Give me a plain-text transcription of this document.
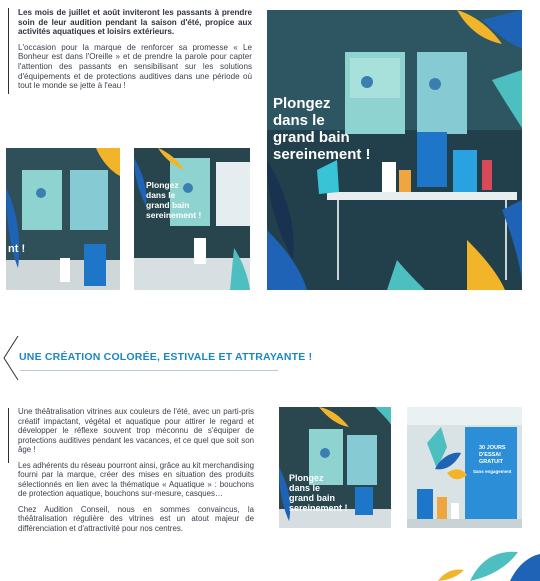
Les mois de juillet et août inviteront les passants à prendre soin de leur audition pendant la saison d'été, propice aux activités aquatiques et loisirs extérieurs.

L'occasion pour la marque de renforcer sa promesse « Le Bonheur est dans l'Oreille » et de prendre la parole pour capter l'attention des passants en sensibilisant sur les solutions d'équipements et de protections auditives dans une période où tout le monde se jette à l'eau !

Plongez
dans le
grand bain
sereinement !
nt !
Plongez
dans le
grand bain
sereinement !
UNE CRÉATION COLORÉE, ESTIVALE ET ATTRAYANTE !

Une théâtralisation vitrines aux couleurs de l'été, avec un parti-pris créatif impactant, végétal et aquatique pour attirer le regard et développer le réflexe souvent trop méconnu de s'équiper de protections auditives pendant les vacances, et ce quel que soit son âge !

Les adhérents du réseau pourront ainsi, grâce au kit merchandising fourni par la marque, créer des mises en situation des produits sélectionnés en lien avec la thématique « Aquatique » : bouchons de protection aquatique, bouchons sur-mesure, casques…

Chez Audition Conseil, nous en sommes convaincus, la théâtralisation régulière des vitrines est un atout majeur de différenciation et d'attractivité pour nos centres.

Plongez
dans le
grand bain
sereinement !
30 JOURS
D'ESSAI
GRATUIT
Sans engagement
